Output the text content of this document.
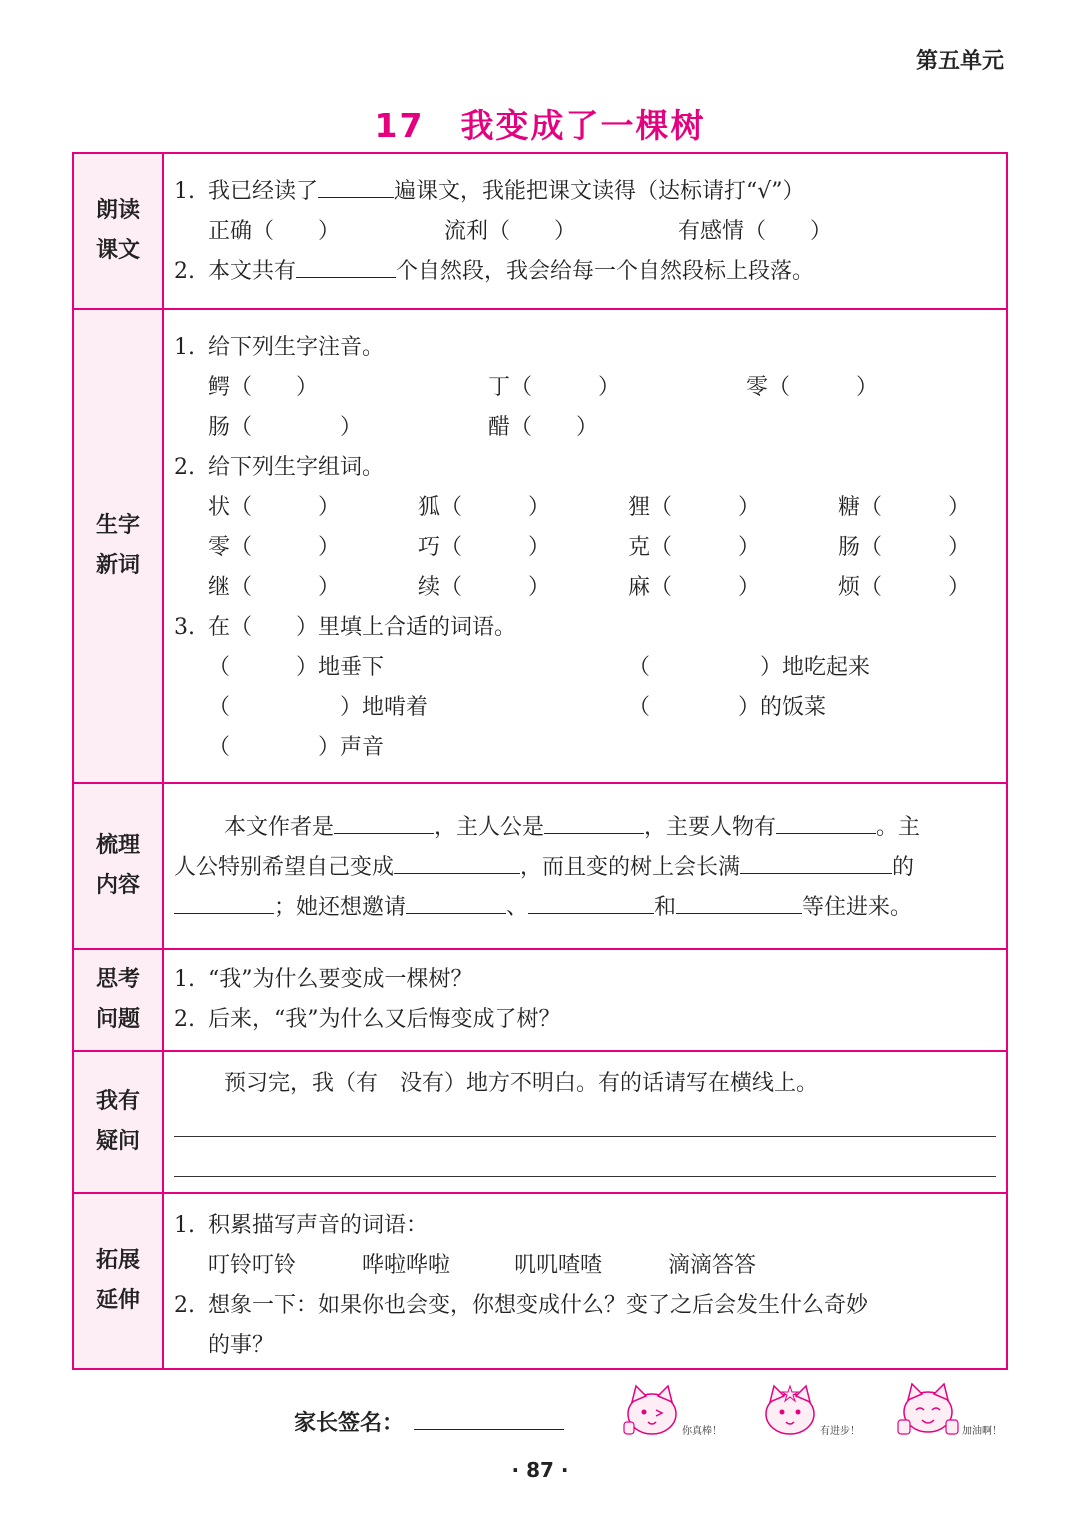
第五单元
17 我变成了一棵树
朗读
课文
1. 我已经读了	遍课文，我能把课文读得（达标请打“√”）
正确（　　）	流利（　　）	有感情（　　）
2. 本文共有	个自然段，我会给每一个自然段标上段落。
生字
新词
1. 给下列生字注音。
鳄（　　）	丁（　　　）	零（　　　）
肠（　　　　）	醋（　　）
2. 给下列生字组词。
状（　　　）	狐（　　　）	狸（　　　）	糖（　　　）
零（　　　）	巧（　　　）	克（　　　）	肠（　　　）
继（　　　）	续（　　　）	麻（　　　）	烦（　　　）
3. 在（　　）里填上合适的词语。
（　　　）地垂下	（　　　　　）地吃起来
（　　　　　）地啃着	（　　　　）的饭菜
（　　　　）声音
梳理
内容
本文作者是	，主人公是	，主要人物有	。主
人公特别希望自己变成	，而且变的树上会长满	的
；她还想邀请	、	和	等住进来。
思考
问题
1. “我”为什么要变成一棵树？
2. 后来，“我”为什么又后悔变成了树？
我有
疑问
预习完，我（有　没有）地方不明白。有的话请写在横线上。
拓展
延伸
1. 积累描写声音的词语：
叮铃叮铃	哗啦哗啦	叽叽喳喳	滴滴答答
2. 想象一下：如果你也会变，你想变成什么？变了之后会发生什么奇妙
的事？
家长签名：	你真棒！	有进步！	加油啊！
· 87 ·
